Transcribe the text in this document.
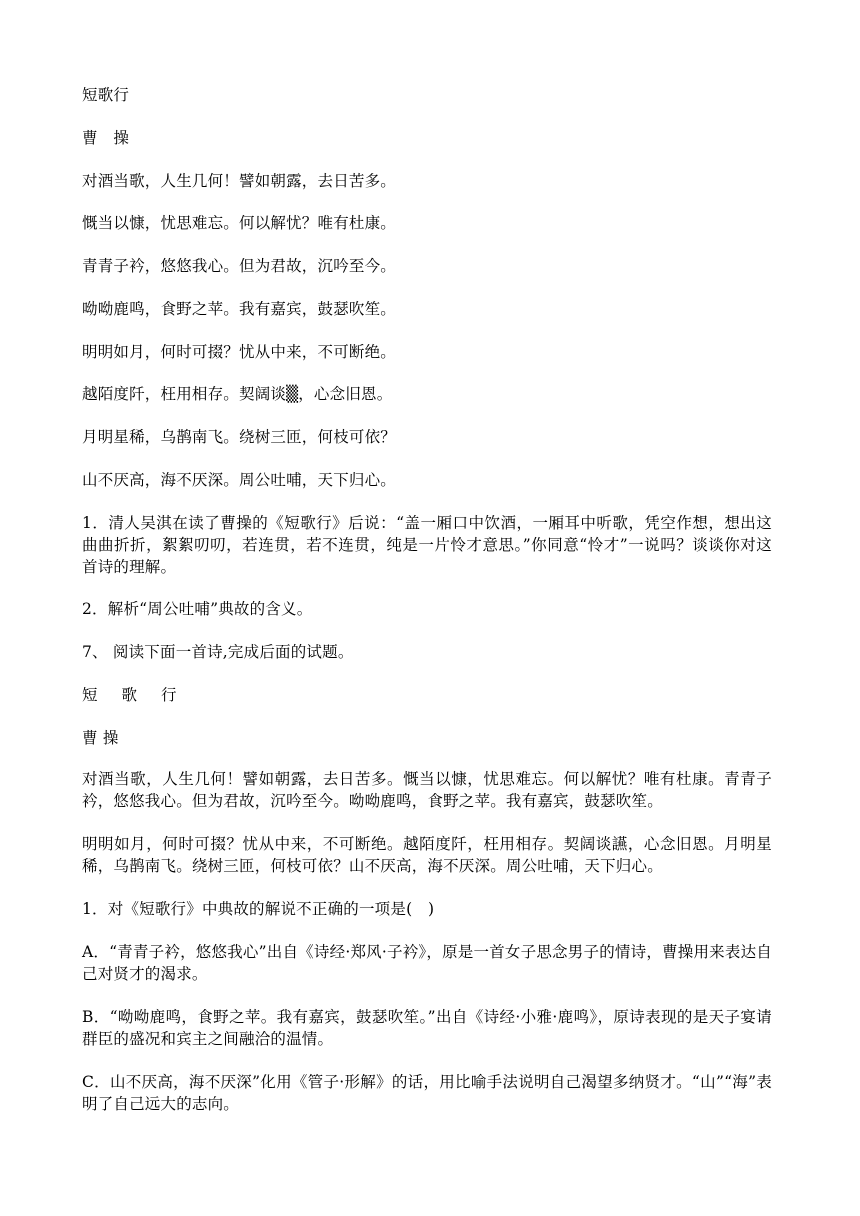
短歌行
曹　操
对酒当歌，人生几何！譬如朝露，去日苦多。
慨当以慷，忧思难忘。何以解忧？唯有杜康。
青青子衿，悠悠我心。但为君故，沉吟至今。
呦呦鹿鸣，食野之苹。我有嘉宾，鼓瑟吹笙。
明明如月，何时可掇？忧从中来，不可断绝。
越陌度阡，枉用相存。契阔谈▒，心念旧恩。
月明星稀，乌鹊南飞。绕树三匝，何枝可依？
山不厌高，海不厌深。周公吐哺，天下归心。
1．清人吴淇在读了曹操的《短歌行》后说：“盖一厢口中饮酒，一厢耳中听歌，凭空作想，想出这曲曲折折，絮絮叨叨，若连贯，若不连贯，纯是一片怜才意思。”你同意“怜才”一说吗？谈谈你对这首诗的理解。
2．解析“周公吐哺”典故的含义。
7、 阅读下面一首诗,完成后面的试题。
短歌行
曹 操
对酒当歌，人生几何！譬如朝露，去日苦多。慨当以慷，忧思难忘。何以解忧？唯有杜康。青青子衿，悠悠我心。但为君故，沉吟至今。呦呦鹿鸣，食野之苹。我有嘉宾，鼓瑟吹笙。
明明如月，何时可掇？忧从中来，不可断绝。越陌度阡，枉用相存。契阔谈讌，心念旧恩。月明星稀，乌鹊南飞。绕树三匝，何枝可依？山不厌高，海不厌深。周公吐哺，天下归心。
1．对《短歌行》中典故的解说不正确的一项是(　)
A．“青青子衿，悠悠我心”出自《诗经·郑风·子衿》，原是一首女子思念男子的情诗，曹操用来表达自己对贤才的渴求。
B．“呦呦鹿鸣，食野之苹。我有嘉宾，鼓瑟吹笙。”出自《诗经·小雅·鹿鸣》，原诗表现的是天子宴请群臣的盛况和宾主之间融洽的温情。
C．山不厌高，海不厌深”化用《管子·形解》的话，用比喻手法说明自己渴望多纳贤才。“山”“海”表明了自己远大的志向。
